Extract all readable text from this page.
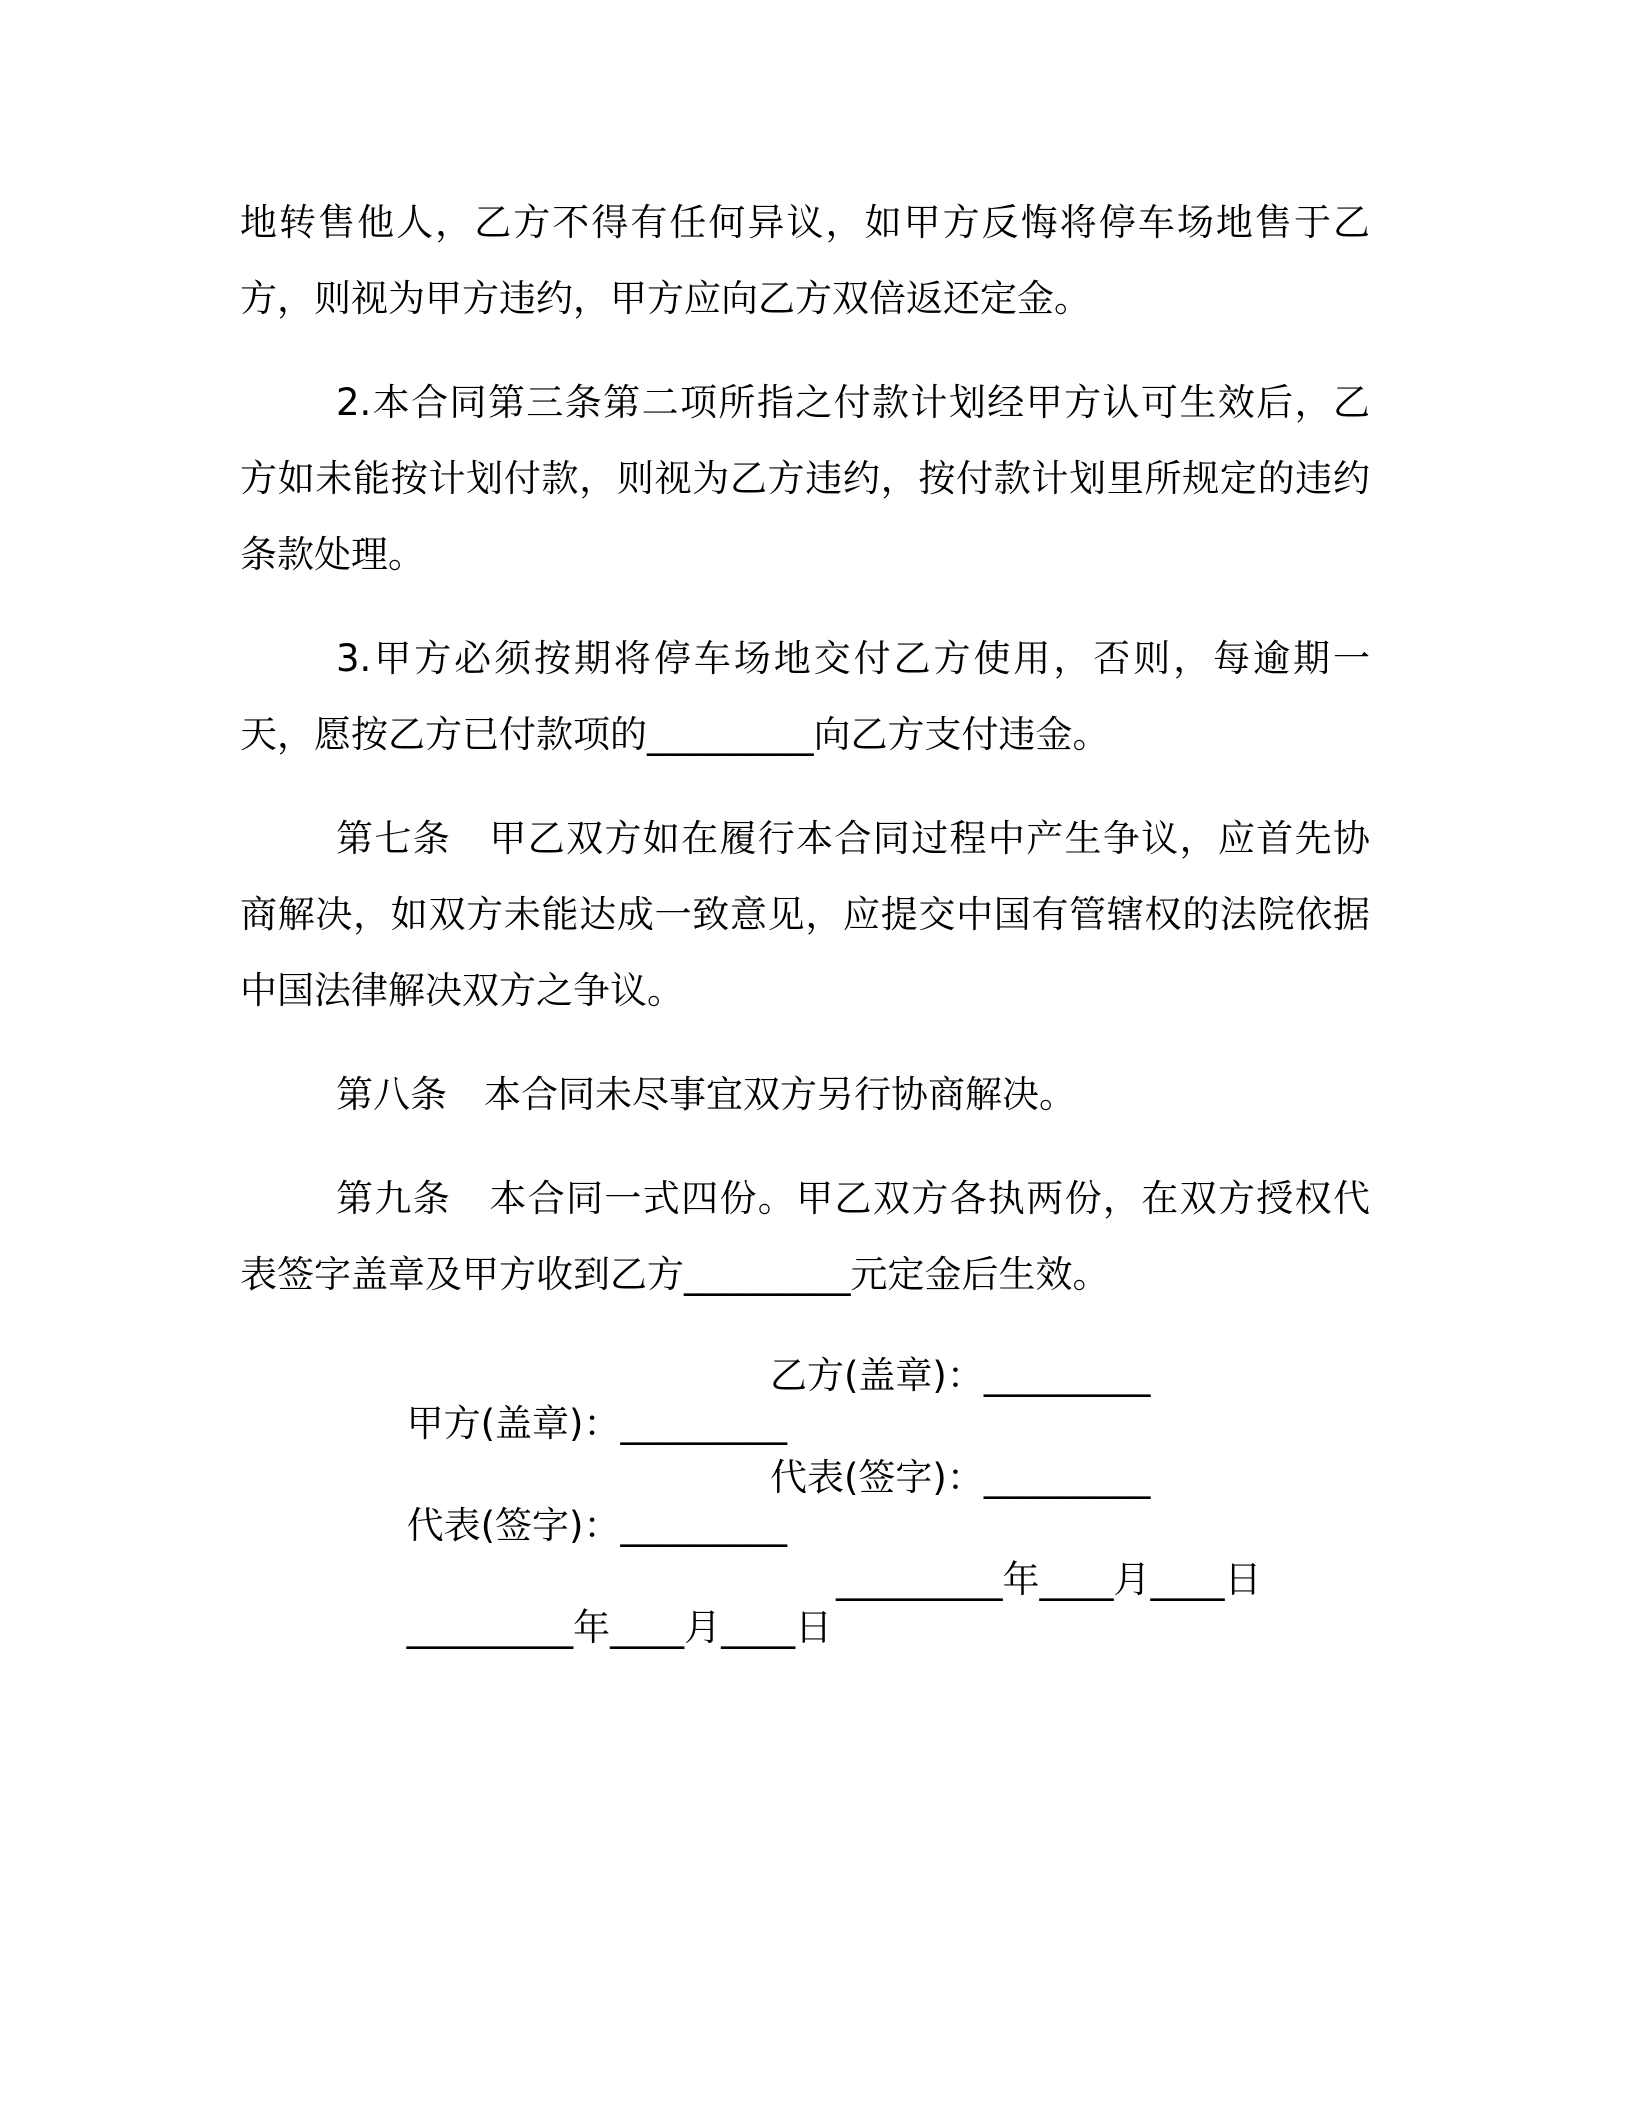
地转售他人，乙方不得有任何异议，如甲方反悔将停车场地售于乙方，则视为甲方违约，甲方应向乙方双倍返还定金。

2.本合同第三条第二项所指之付款计划经甲方认可生效后，乙方如未能按计划付款，则视为乙方违约，按付款计划里所规定的违约条款处理。

3.甲方必须按期将停车场地交付乙方使用，否则，每逾期一天，愿按乙方已付款项的_________向乙方支付违金。

第七条　甲乙双方如在履行本合同过程中产生争议，应首先协商解决，如双方未能达成一致意见，应提交中国有管辖权的法院依据中国法律解决双方之争议。

第八条　本合同未尽事宜双方另行协商解决。

第九条　本合同一式四份。甲乙双方各执两份，在双方授权代表签字盖章及甲方收到乙方_________元定金后生效。

甲方(盖章)：_________

乙方(盖章)：_________

代表(签字)：_________

代表(签字)：_________

_________年____月____日

_________年____月____日
